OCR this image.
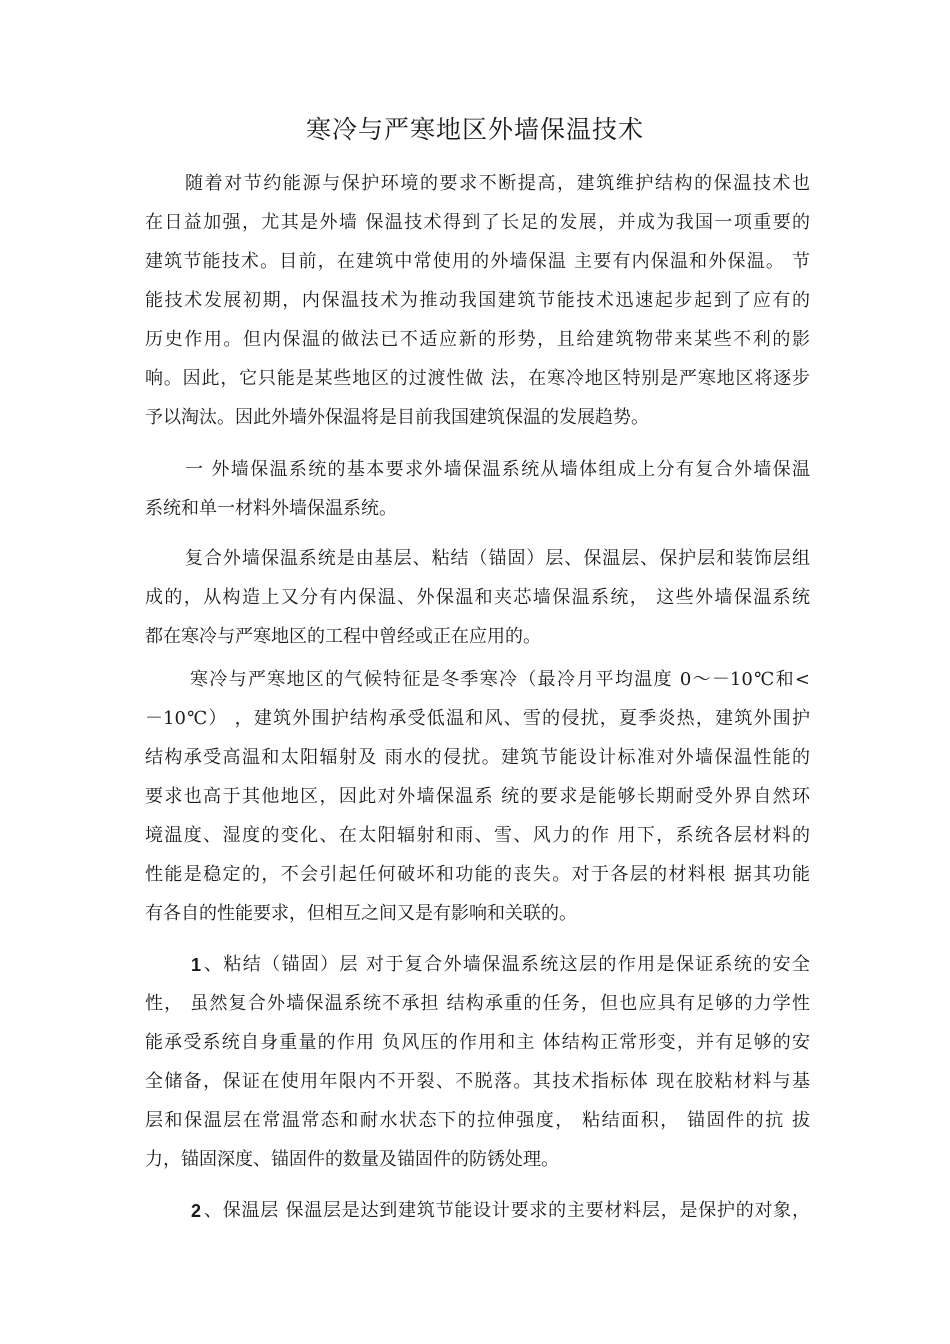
寒冷与严寒地区外墙保温技术
随着对节约能源与保护环境的要求不断提高，建筑维护结构的保温技术也
在日益加强，尤其是外墙 保温技术得到了长足的发展，并成为我国一项重要的
建筑节能技术。目前，在建筑中常使用的外墙保温 主要有内保温和外保温。 节
能技术发展初期，内保温技术为推动我国建筑节能技术迅速起步起到了应有的
历史作用。但内保温的做法已不适应新的形势，且给建筑物带来某些不利的影
响。因此，它只能是某些地区的过渡性做 法，在寒冷地区特别是严寒地区将逐步
予以淘汰。因此外墙外保温将是目前我国建筑保温的发展趋势。
一 外墙保温系统的基本要求外墙保温系统从墙体组成上分有复合外墙保温
系统和单一材料外墙保温系统。
复合外墙保温系统是由基层、粘结（锚固）层、保温层、保护层和装饰层组
成的，从构造上又分有内保温、外保温和夹芯墙保温系统， 这些外墙保温系统
都在寒冷与严寒地区的工程中曾经或正在应用的。
寒冷与严寒地区的气候特征是冬季寒冷（最冷月平均温度 0～－10℃和<
－10℃） ，建筑外围护结构承受低温和风、雪的侵扰，夏季炎热，建筑外围护
结构承受高温和太阳辐射及 雨水的侵扰。建筑节能设计标准对外墙保温性能的
要求也高于其他地区，因此对外墙保温系 统的要求是能够长期耐受外界自然环
境温度、湿度的变化、在太阳辐射和雨、雪、风力的作 用下，系统各层材料的
性能是稳定的，不会引起任何破坏和功能的丧失。对于各层的材料根 据其功能
有各自的性能要求，但相互之间又是有影响和关联的。
1 、粘结（锚固）层 对于复合外墙保温系统这层的作用是保证系统的安全
性， 虽然复合外墙保温系统不承担 结构承重的任务，但也应具有足够的力学性
能承受系统自身重量的作用 负风压的作用和主 体结构正常形变，并有足够的安
全储备，保证在使用年限内不开裂、不脱落。其技术指标体 现在胶粘材料与基
层和保温层在常温常态和耐水状态下的拉伸强度， 粘结面积， 锚固件的抗 拔
力，锚固深度、锚固件的数量及锚固件的防锈处理。
2 、保温层 保温层是达到建筑节能设计要求的主要材料层，是保护的对象，
